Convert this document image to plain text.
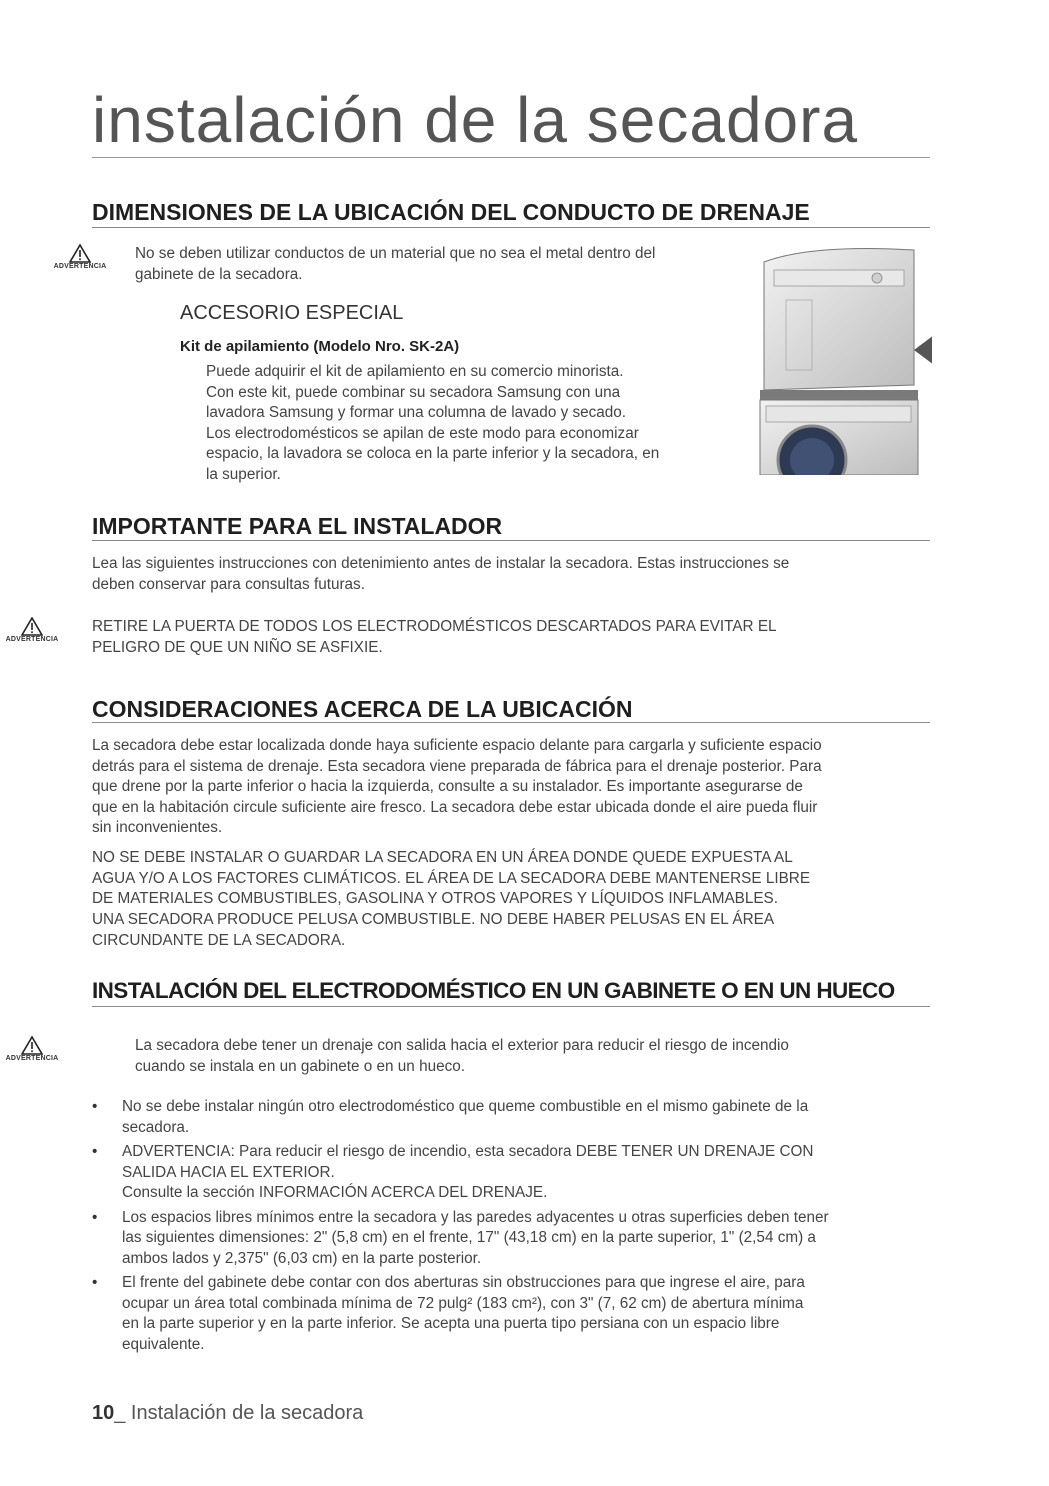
instalación de la secadora
DIMENSIONES DE LA UBICACIÓN DEL CONDUCTO DE DRENAJE
ADVERTENCIA
No se deben utilizar conductos de un material que no sea el metal dentro del
gabinete de la secadora.
ACCESORIO ESPECIAL
Kit de apilamiento (Modelo Nro. SK-2A)
Puede adquirir el kit de apilamiento en su comercio minorista.
Con este kit, puede combinar su secadora Samsung con una
lavadora Samsung y formar una columna de lavado y secado.
Los electrodomésticos se apilan de este modo para economizar
espacio, la lavadora se coloca en la parte inferior y la secadora, en
la superior.
IMPORTANTE PARA EL INSTALADOR
Lea las siguientes instrucciones con detenimiento antes de instalar la secadora. Estas instrucciones se
deben conservar para consultas futuras.
ADVERTENCIA
RETIRE LA PUERTA DE TODOS LOS ELECTRODOMÉSTICOS DESCARTADOS PARA EVITAR EL
PELIGRO DE QUE UN NIÑO SE ASFIXIE.
CONSIDERACIONES ACERCA DE LA UBICACIÓN
La secadora debe estar localizada donde haya suficiente espacio delante para cargarla y suficiente espacio
detrás para el sistema de drenaje. Esta secadora viene preparada de fábrica para el drenaje posterior. Para
que drene por la parte inferior o hacia la izquierda, consulte a su instalador. Es importante asegurarse de
que en la habitación circule suficiente aire fresco. La secadora debe estar ubicada donde el aire pueda fluir
sin inconvenientes.
NO SE DEBE INSTALAR O GUARDAR LA SECADORA EN UN ÁREA DONDE QUEDE EXPUESTA AL
AGUA Y/O A LOS FACTORES CLIMÁTICOS. EL ÁREA DE LA SECADORA DEBE MANTENERSE LIBRE
DE MATERIALES COMBUSTIBLES, GASOLINA Y OTROS VAPORES Y LÍQUIDOS INFLAMABLES.
UNA SECADORA PRODUCE PELUSA COMBUSTIBLE. NO DEBE HABER PELUSAS EN EL ÁREA
CIRCUNDANTE DE LA SECADORA.
INSTALACIÓN DEL ELECTRODOMÉSTICO EN UN GABINETE O EN UN HUECO
ADVERTENCIA
La secadora debe tener un drenaje con salida hacia el exterior para reducir el riesgo de incendio
cuando se instala en un gabinete o en un hueco.
• No se debe instalar ningún otro electrodoméstico que queme combustible en el mismo gabinete de la
secadora.
• ADVERTENCIA: Para reducir el riesgo de incendio, esta secadora DEBE TENER UN DRENAJE CON
SALIDA HACIA EL EXTERIOR.
Consulte la sección INFORMACIÓN ACERCA DEL DRENAJE.
• Los espacios libres mínimos entre la secadora y las paredes adyacentes u otras superficies deben tener
las siguientes dimensiones: 2" (5,8 cm) en el frente, 17" (43,18 cm) en la parte superior, 1" (2,54 cm) a
ambos lados y 2,375" (6,03 cm) en la parte posterior.
• El frente del gabinete debe contar con dos aberturas sin obstrucciones para que ingrese el aire, para
ocupar un área total combinada mínima de 72 pulg² (183 cm²), con 3" (7, 62 cm) de abertura mínima
en la parte superior y en la parte inferior. Se acepta una puerta tipo persiana con un espacio libre
equivalente.
10_ Instalación de la secadora
